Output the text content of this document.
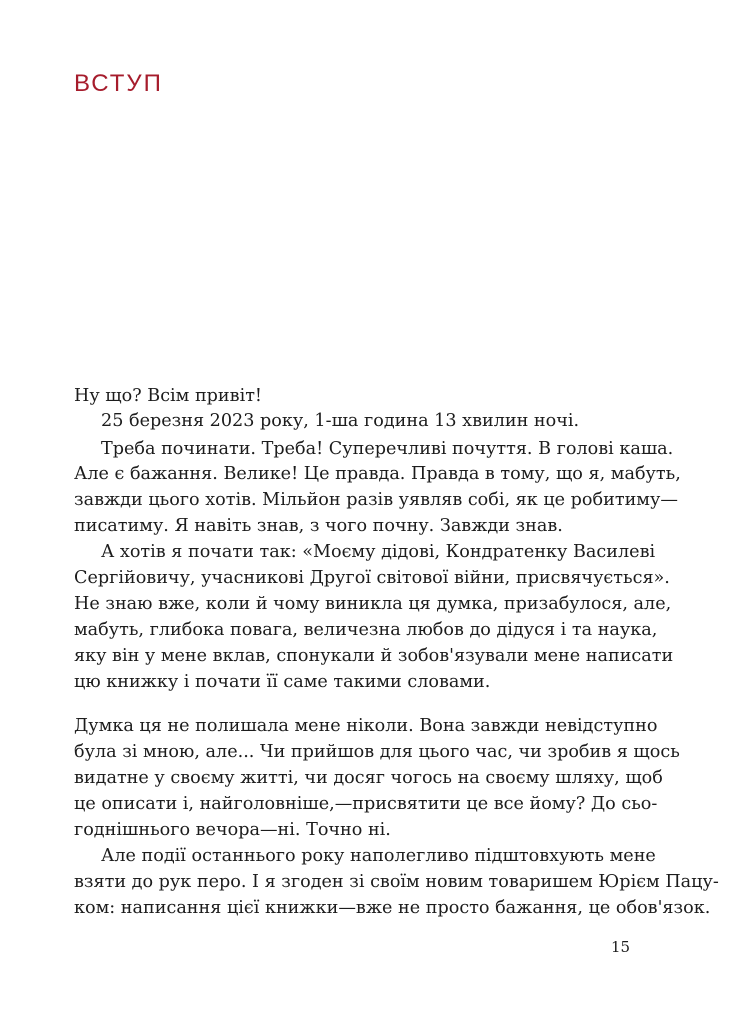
ВСТУП
Ну що? Всім привіт!
25 березня 2023 року, 1-ша година 13 хвилин ночі.
Треба починати. Треба! Суперечливі почуття. В голові каша.
Але є бажання. Велике! Це правда. Правда в тому, що я, мабуть,
завжди цього хотів. Мільйон разів уявляв собі, як це робитиму—
писатиму. Я навіть знав, з чого почну. Завжди знав.
А хотів я почати так: «Моєму дідові, Кондратенку Василеві
Сергійовичу, учасникові Другої світової війни, присвячується».
Не знаю вже, коли й чому виникла ця думка, призабулося, але,
мабуть, глибока повага, величезна любов до дідуся і та наука,
яку він у мене вклав, спонукали й зобов'язували мене написати
цю книжку і почати її саме такими словами.
Думка ця не полишала мене ніколи. Вона завжди невідступно
була зі мною, але... Чи прийшов для цього час, чи зробив я щось
видатне у своєму житті, чи досяг чогось на своєму шляху, щоб
це описати і, найголовніше,—присвятити це все йому? До сьо-
годнішнього вечора—ні. Точно ні.
Але події останнього року наполегливо підштовхують мене
взяти до рук перо. І я згоден зі своїм новим товаришем Юрієм Пацу-
ком: написання цієї книжки—вже не просто бажання, це обов'язок.
15
